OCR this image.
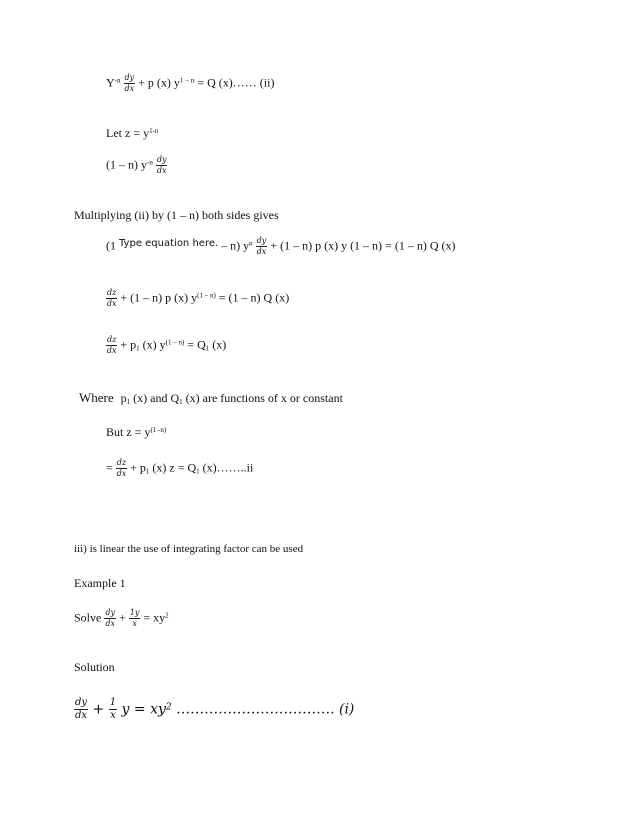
$Y^{-n} \frac{dy}{dx} + p$ (x) $y^{1 - n} = Q$ (x)…… (ii)
Let $z = y^{1-n}$
(1 – n) $y^{-n} \frac{dy}{dx}$
Multiplying (ii) by (1 – n) both sides gives
(1 $^{Type equation here.}$ – n) $y^n \frac{dy}{dx} + (1 - n)$ p (x) y (1 – n) = (1 – n) Q (x)
$\frac{dz}{dx} + (1 - n)$ p (x) $y^{(1 - n)} = (1 - n)$ Q (x)
$\frac{dz}{dx} + p_1$ (x) $y^{(1 - n)} = Q_1$ (x)
Where $p_1$ (x) and $Q_1$ (x) are functions of x or constant
But $z = y^{(1 -n)}$
= $\frac{dz}{dx} + p_1$ (x) $z = Q_1$ (x)……..ii
iii) is linear the use of integrating factor can be used
Example 1
Solve $\frac{dy}{dx} + \frac{1y}{x} = xy^2$
Solution
$\frac{dy}{dx} + \frac{1}{x}$ $y = xy^2$ ……………………………. (i)
